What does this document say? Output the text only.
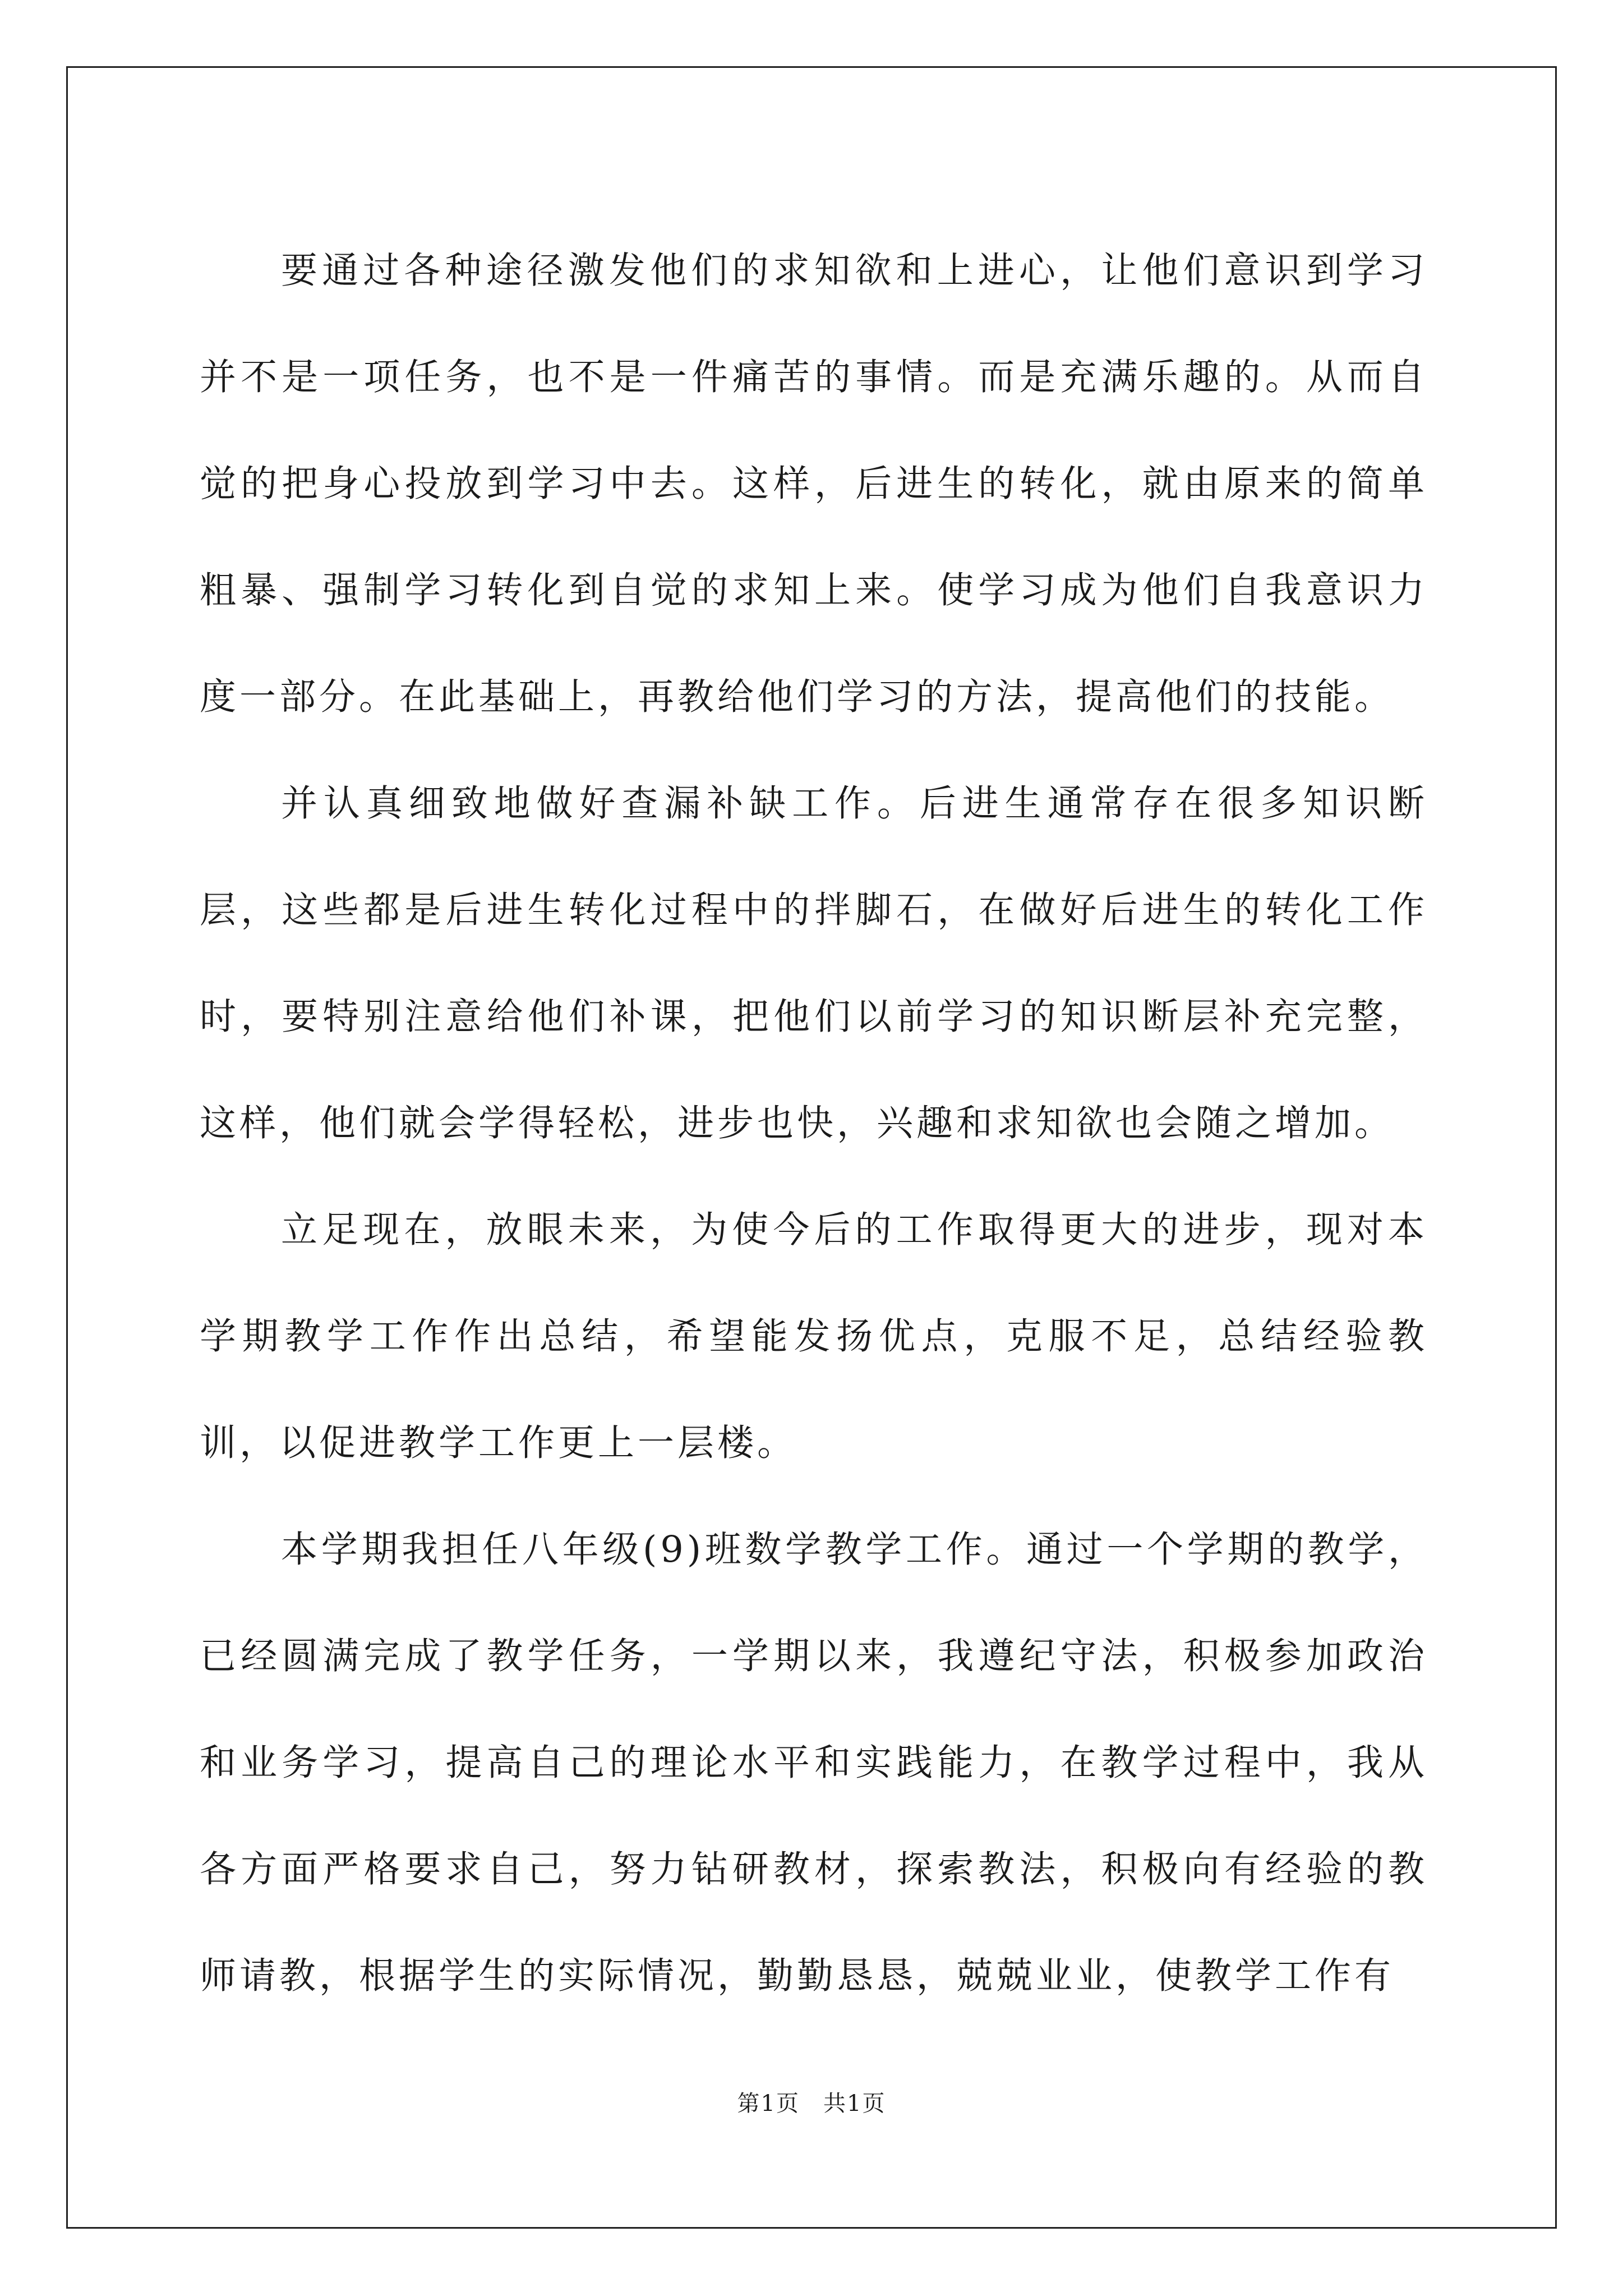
要通过各种途径激发他们的求知欲和上进心，让他们意识到学习并不是一项任务，也不是一件痛苦的事情。而是充满乐趣的。从而自觉的把身心投放到学习中去。这样，后进生的转化，就由原来的简单粗暴、强制学习转化到自觉的求知上来。使学习成为他们自我意识力度一部分。在此基础上，再教给他们学习的方法，提高他们的技能。

并认真细致地做好查漏补缺工作。后进生通常存在很多知识断层，这些都是后进生转化过程中的拌脚石，在做好后进生的转化工作时，要特别注意给他们补课，把他们以前学习的知识断层补充完整，这样，他们就会学得轻松，进步也快，兴趣和求知欲也会随之增加。

立足现在，放眼未来，为使今后的工作取得更大的进步，现对本学期教学工作作出总结，希望能发扬优点，克服不足，总结经验教训，以促进教学工作更上一层楼。

本学期我担任八年级(9)班数学教学工作。通过一个学期的教学，已经圆满完成了教学任务，一学期以来，我遵纪守法，积极参加政治和业务学习，提高自己的理论水平和实践能力，在教学过程中，我从各方面严格要求自己，努力钻研教材，探索教法，积极向有经验的教师请教，根据学生的实际情况，勤勤恳恳，兢兢业业，使教学工作有

第1页　共1页
